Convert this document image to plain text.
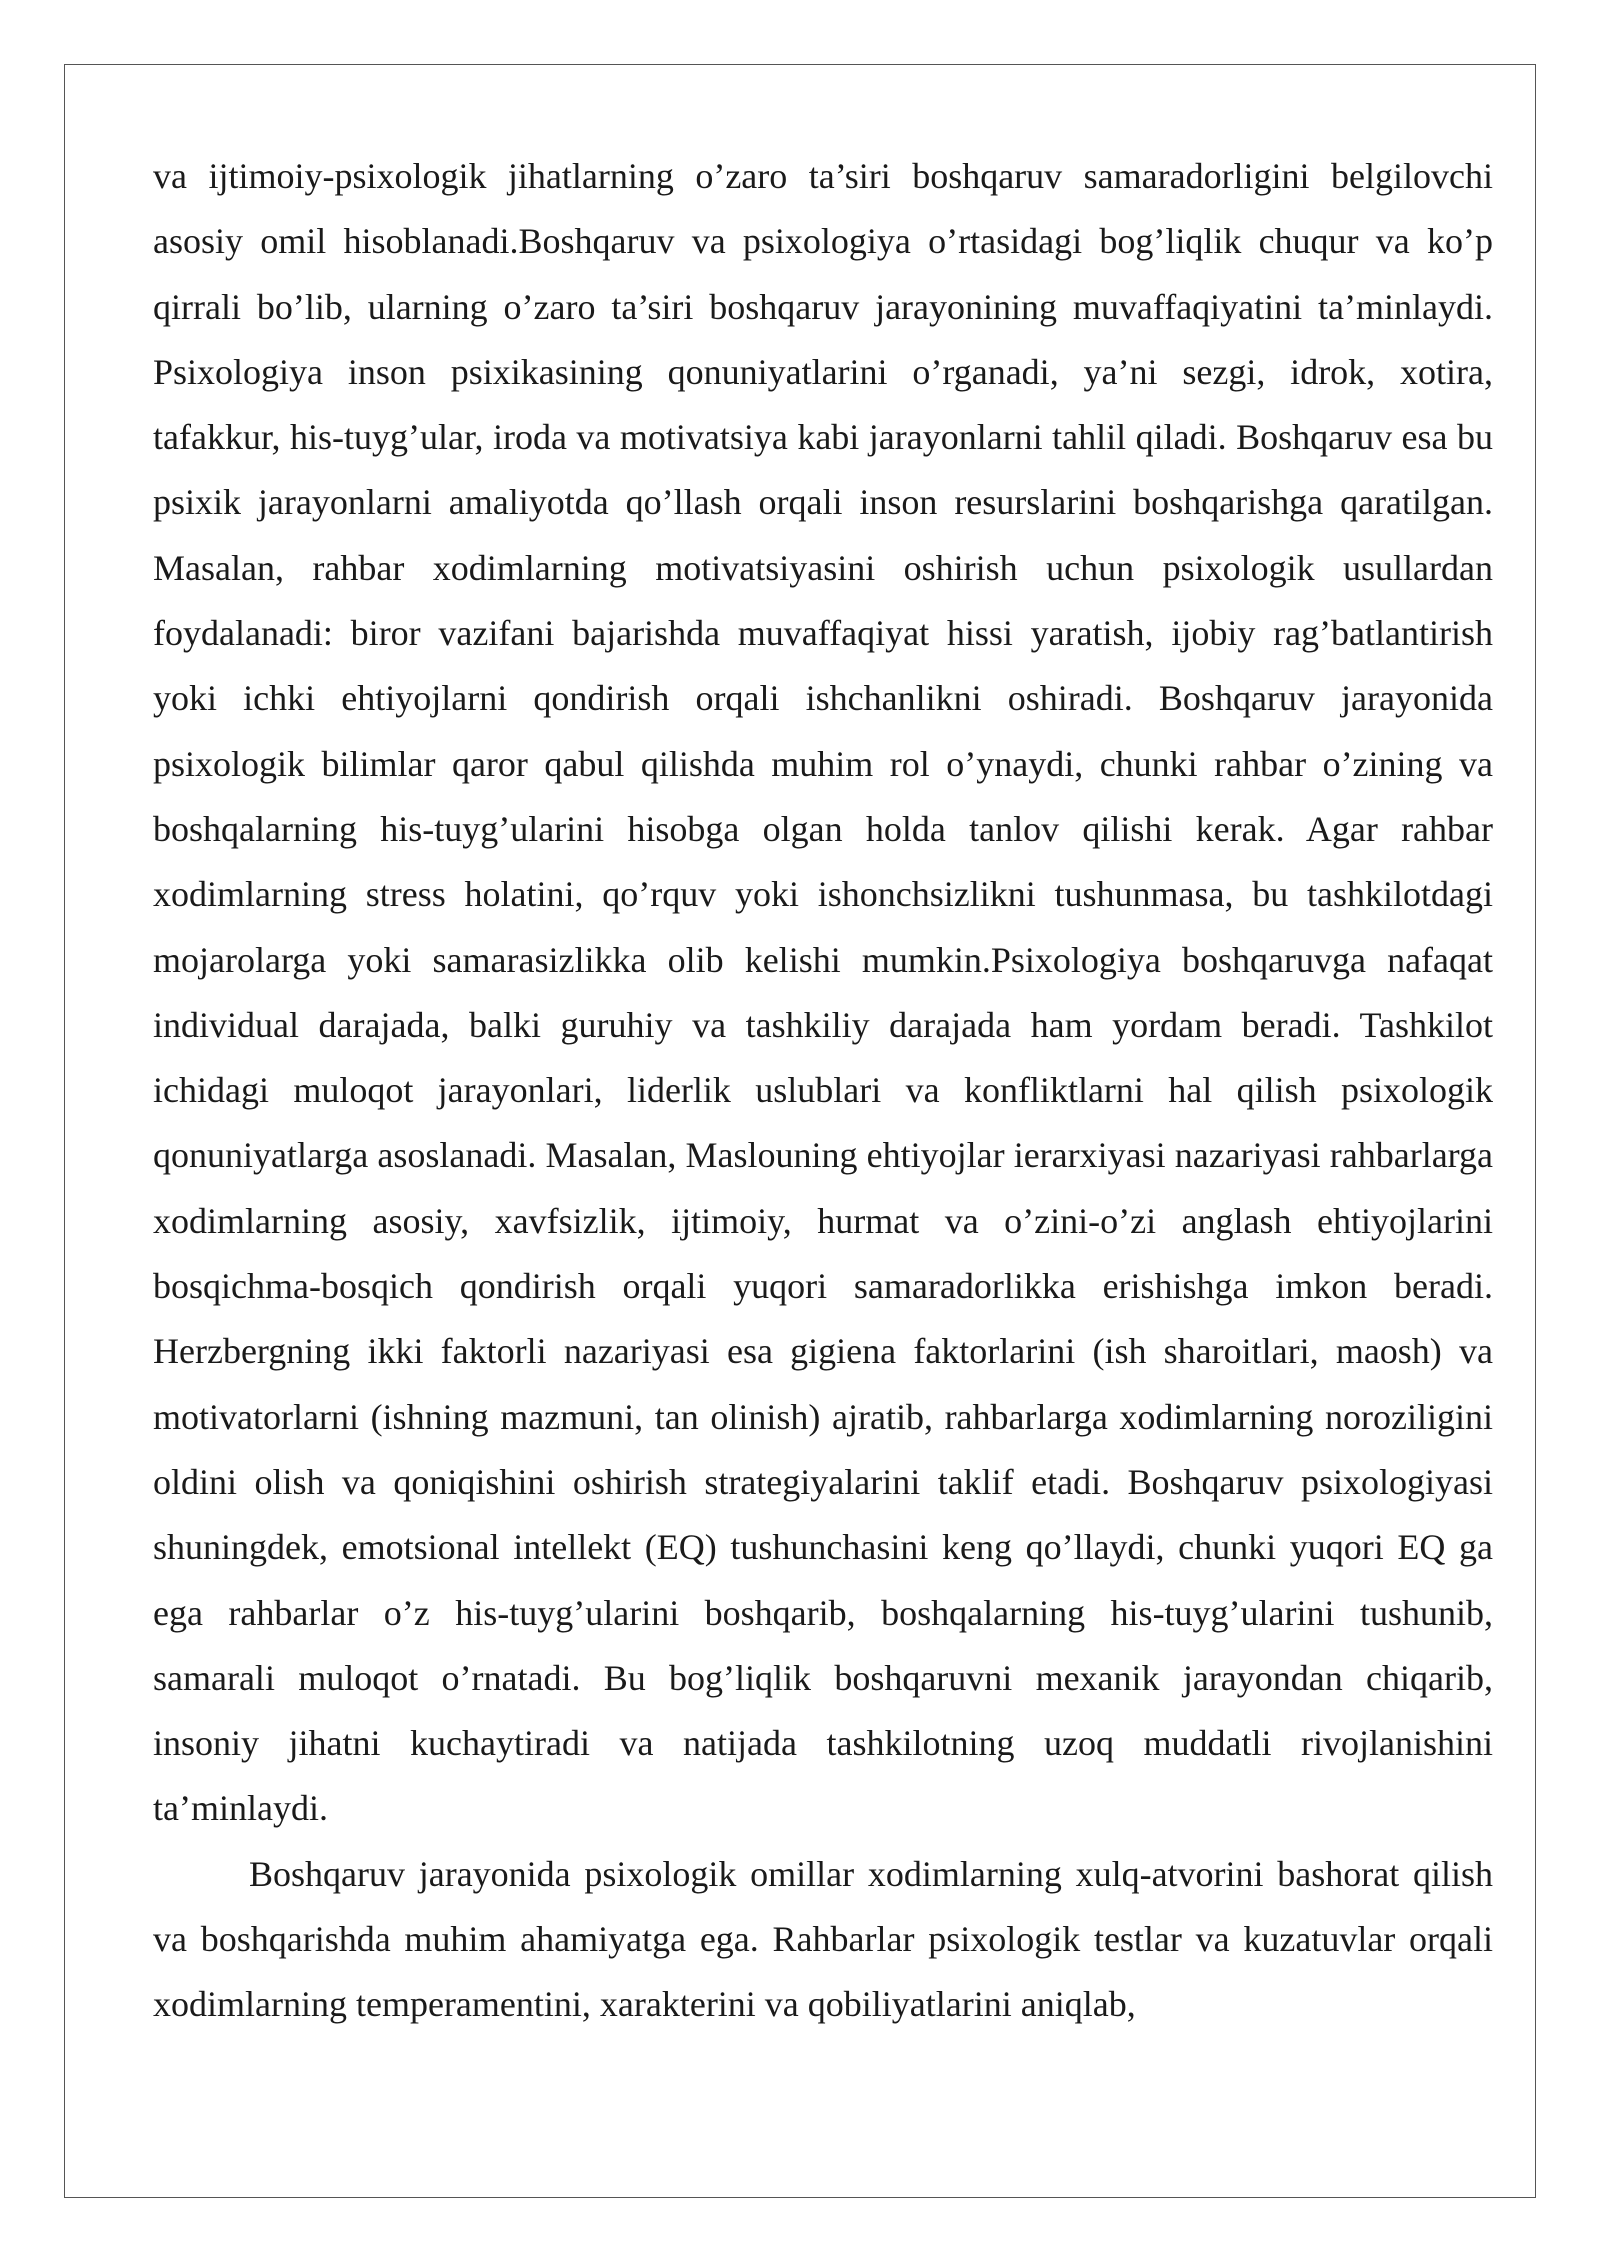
va ijtimoiy-psixologik jihatlarning o’zaro ta’siri boshqaruv samaradorligini belgilovchi asosiy omil hisoblanadi.Boshqaruv va psixologiya o’rtasidagi bog’liqlik chuqur va ko’p qirrali bo’lib, ularning o’zaro ta’siri boshqaruv jarayonining muvaffaqiyatini ta’minlaydi. Psixologiya inson psixikasining qonuniyatlarini o’rganadi, ya’ni sezgi, idrok, xotira, tafakkur, his-tuyg’ular, iroda va motivatsiya kabi jarayonlarni tahlil qiladi. Boshqaruv esa bu psixik jarayonlarni amaliyotda qo’llash orqali inson resurslarini boshqarishga qaratilgan. Masalan, rahbar xodimlarning motivatsiyasini oshirish uchun psixologik usullardan foydalanadi: biror vazifani bajarishda muvaffaqiyat hissi yaratish, ijobiy rag’batlantirish yoki ichki ehtiyojlarni qondirish orqali ishchanlikni oshiradi. Boshqaruv jarayonida psixologik bilimlar qaror qabul qilishda muhim rol o’ynaydi, chunki rahbar o’zining va boshqalarning his-tuyg’ularini hisobga olgan holda tanlov qilishi kerak. Agar rahbar xodimlarning stress holatini, qo’rquv yoki ishonchsizlikni tushunmasa, bu tashkilotdagi mojarolarga yoki samarasizlikka olib kelishi mumkin.Psixologiya boshqaruvga nafaqat individual darajada, balki guruhiy va tashkiliy darajada ham yordam beradi. Tashkilot ichidagi muloqot jarayonlari, liderlik uslublari va konfliktlarni hal qilish psixologik qonuniyatlarga asoslanadi. Masalan, Maslouning ehtiyojlar ierarxiyasi nazariyasi rahbarlarga xodimlarning asosiy, xavfsizlik, ijtimoiy, hurmat va o’zini-o’zi anglash ehtiyojlarini bosqichma-bosqich qondirish orqali yuqori samaradorlikka erishishga imkon beradi. Herzbergning ikki faktorli nazariyasi esa gigiena faktorlarini (ish sharoitlari, maosh) va motivatorlarni (ishning mazmuni, tan olinish) ajratib, rahbarlarga xodimlarning noroziligini oldini olish va qoniqishini oshirish strategiyalarini taklif etadi. Boshqaruv psixologiyasi shuningdek, emotsional intellekt (EQ) tushunchasini keng qo’llaydi, chunki yuqori EQ ga ega rahbarlar o’z his-tuyg’ularini boshqarib, boshqalarning his-tuyg’ularini tushunib, samarali muloqot o’rnatadi. Bu bog’liqlik boshqaruvni mexanik jarayondan chiqarib, insoniy jihatni kuchaytiradi va natijada tashkilotning uzoq muddatli rivojlanishini ta’minlaydi.

Boshqaruv jarayonida psixologik omillar xodimlarning xulq-atvorini bashorat qilish va boshqarishda muhim ahamiyatga ega. Rahbarlar psixologik testlar va kuzatuvlar orqali xodimlarning temperamentini, xarakterini va qobiliyatlarini aniqlab,
